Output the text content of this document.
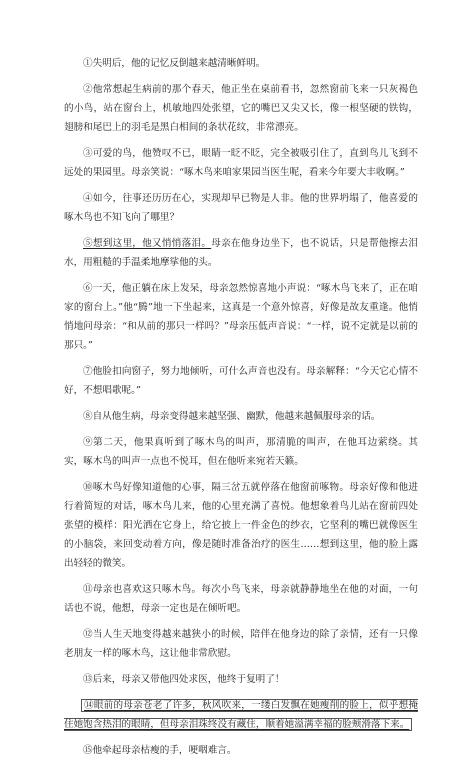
①失明后，他的记忆反倒越来越清晰鲜明。

②他常想起生病前的那个春天，他正坐在桌前看书，忽然窗前飞来一只灰褐色的小鸟，站在窗台上，机敏地四处张望，它的嘴巴又尖又长，像一根坚硬的铁钩，翅膀和尾巴上的羽毛是黑白相间的条状花纹，非常漂亮。

③可爱的鸟，他赞叹不已，眼睛一眨不眨，完全被吸引住了，直到鸟儿飞到不远处的果园里。母亲笑说：“啄木鸟来咱家果园当医生呢，看来今年要大丰收啊。”

④如今，往事还历历在心，实现却早已物是人非。他的世界坍塌了，他喜爱的啄木鸟也不知飞向了哪里？

⑤想到这里，他又悄悄落泪。母亲在他身边坐下，也不说话，只是帮他擦去泪水，用粗糙的手温柔地摩挲他的头。

⑥一天，他正躺在床上发呆，母亲忽然惊喜地小声说：“啄木鸟飞来了，正在咱家的窗台上。”他“腾”地一下坐起来，这真是一个意外惊喜，好像是故友重逢。他悄悄地问母亲：“和从前的那只一样吗？”母亲压低声音说：“一样，说不定就是以前的那只。”

⑦他脸扣向窗子，努力地倾听，可什么声音也没有。母亲解释：“今天它心情不好，不想唱歌呢。”

⑧自从他生病，母亲变得越来越坚强、幽默，他越来越佩服母亲的话。

⑨第二天，他果真听到了啄木鸟的叫声，那清脆的叫声，在他耳边萦绕。其实，啄木鸟的叫声一点也不悦耳，但在他听来宛若天籁。

⑩啄木鸟好像知道他的心事，隔三岔五就停落在他窗前啄物。母亲好像和他进行着简短的对话，啄木鸟儿来，他的心里充满了喜悦。他想象着鸟儿站在窗前四处张望的模样：阳光洒在它身上，给它披上一件金色的纱衣，它坚利的嘴巴就像医生的小脑袋，来回变动着方向，像是随时准备治疗的医生……想到这里，他的脸上露出轻轻的微笑。

⑪母亲也喜欢这只啄木鸟。每次小鸟飞来，母亲就静静地坐在他的对面，一句话也不说，他想，母亲一定也是在倾听吧。

⑫当人生天地变得越来越狭小的时候，陪伴在他身边的除了亲情，还有一只像老朋友一样的啄木鸟，这让他非常欣慰。

⑬后来，母亲又带他四处求医，他终于复明了！

⑭眼前的母亲苍老了许多，秋风吹来，一缕白发飘在她瘦削的脸上，似乎想掩住她饱含热泪的眼睛，但母亲泪珠终没有藏住，顺着她溢满幸福的脸颊滑落下来。

⑮他牵起母亲枯瘦的手，哽咽难言。
